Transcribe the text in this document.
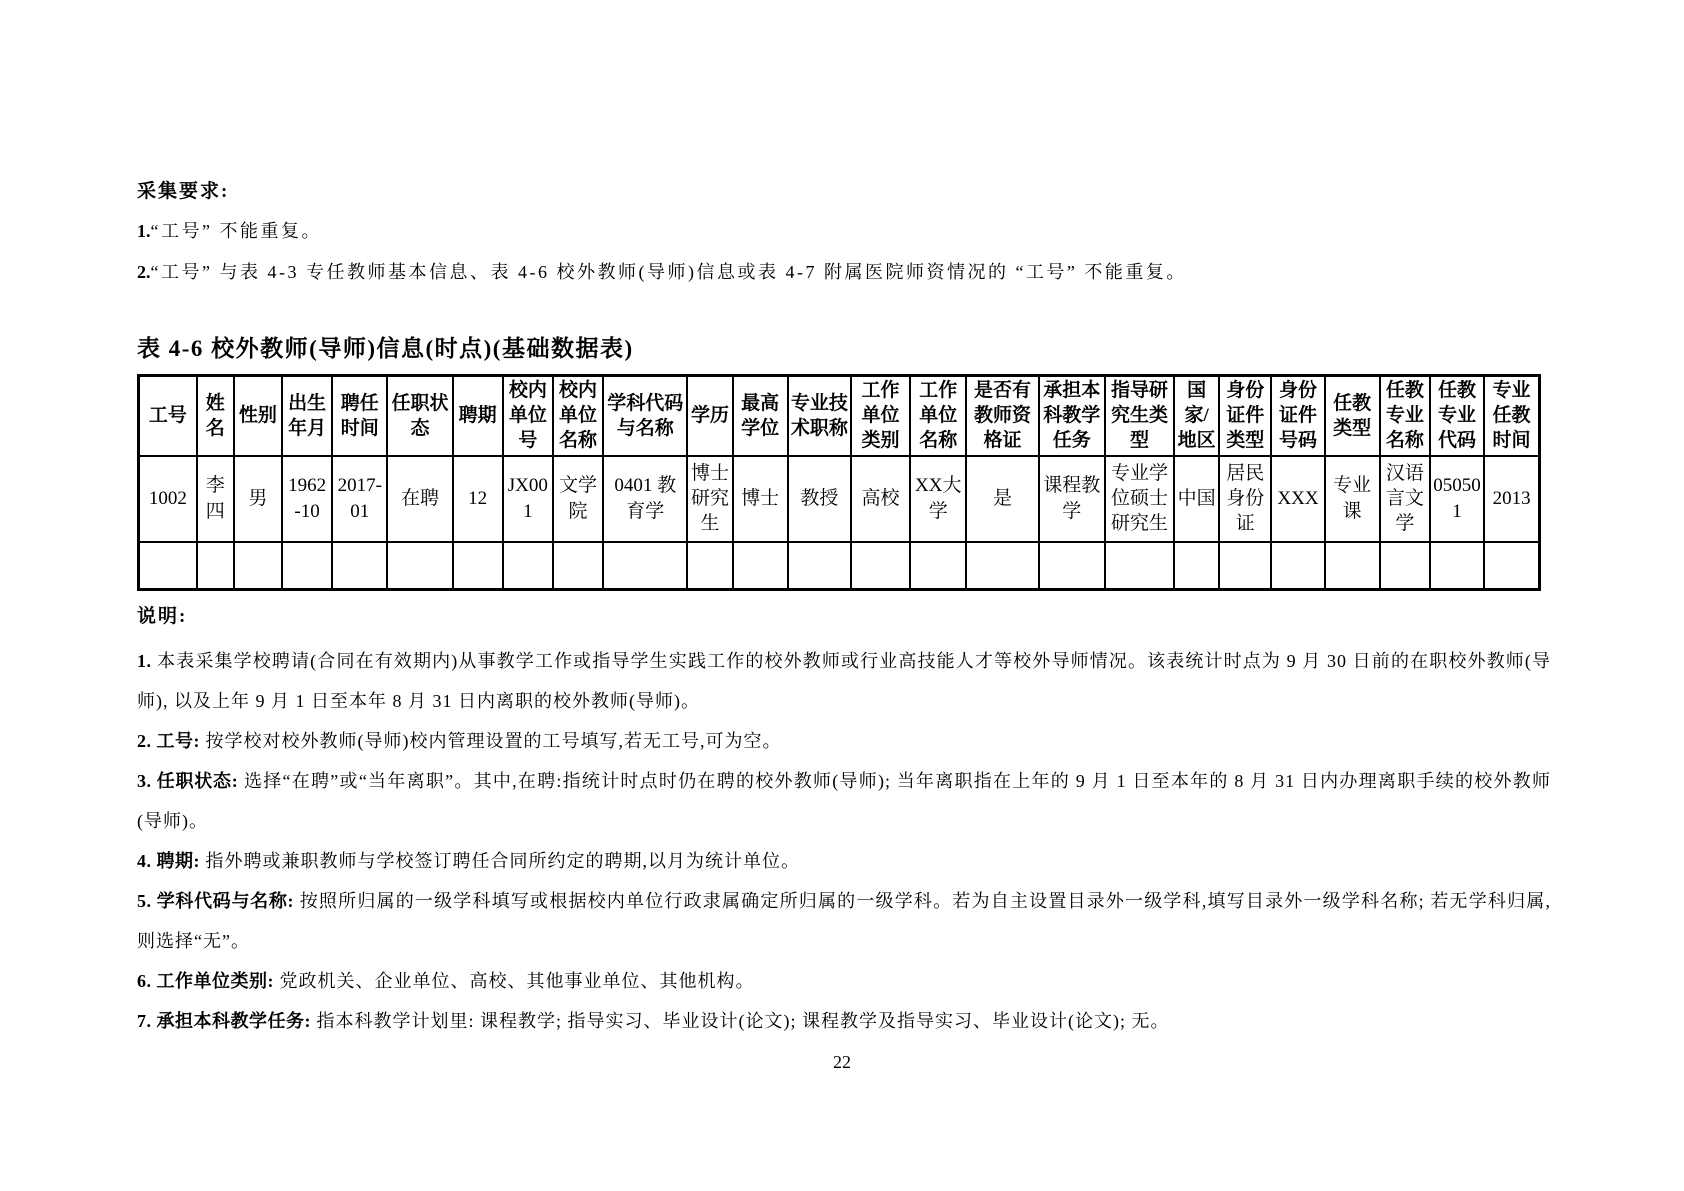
采集要求:

1.“工号” 不能重复。

2.“工号” 与表 4-3 专任教师基本信息、表 4-6 校外教师(导师)信息或表 4-7 附属医院师资情况的 “工号” 不能重复。

表 4-6 校外教师(导师)信息(时点)(基础数据表)
工号	姓名	性别	出生年月	聘任时间	任职状态	聘期	校内单位号	校内单位名称	学科代码与名称	学历	最高学位	专业技术职称	工作单位类别	工作单位名称	是否有教师资格证	承担本科教学任务	指导研究生类型	国家/地区	身份证件类型	身份证件号码	任教类型	任教专业名称	任教专业代码	专业任教时间
1002	李四	男	1962-10	2017-01	在聘	12	JX001	文学院	0401 教育学	博士研究生	博士	教授	高校	XX大学	是	课程教学	专业学位硕士研究生	中国	居民身份证	XXX	专业课	汉语言文学	050501	2013

说明:

1. 本表采集学校聘请(合同在有效期内)从事教学工作或指导学生实践工作的校外教师或行业高技能人才等校外导师情况。该表统计时点为 9 月 30 日前的在职校外教师(导师), 以及上年 9 月 1 日至本年 8 月 31 日内离职的校外教师(导师)。

2. 工号: 按学校对校外教师(导师)校内管理设置的工号填写,若无工号,可为空。

3. 任职状态: 选择“在聘”或“当年离职”。其中,在聘:指统计时点时仍在聘的校外教师(导师); 当年离职指在上年的 9 月 1 日至本年的 8 月 31 日内办理离职手续的校外教师(导师)。

4. 聘期: 指外聘或兼职教师与学校签订聘任合同所约定的聘期,以月为统计单位。

5. 学科代码与名称: 按照所归属的一级学科填写或根据校内单位行政隶属确定所归属的一级学科。若为自主设置目录外一级学科,填写目录外一级学科名称; 若无学科归属,则选择“无”。

6. 工作单位类别: 党政机关、企业单位、高校、其他事业单位、其他机构。

7. 承担本科教学任务: 指本科教学计划里: 课程教学; 指导实习、毕业设计(论文); 课程教学及指导实习、毕业设计(论文); 无。

22
